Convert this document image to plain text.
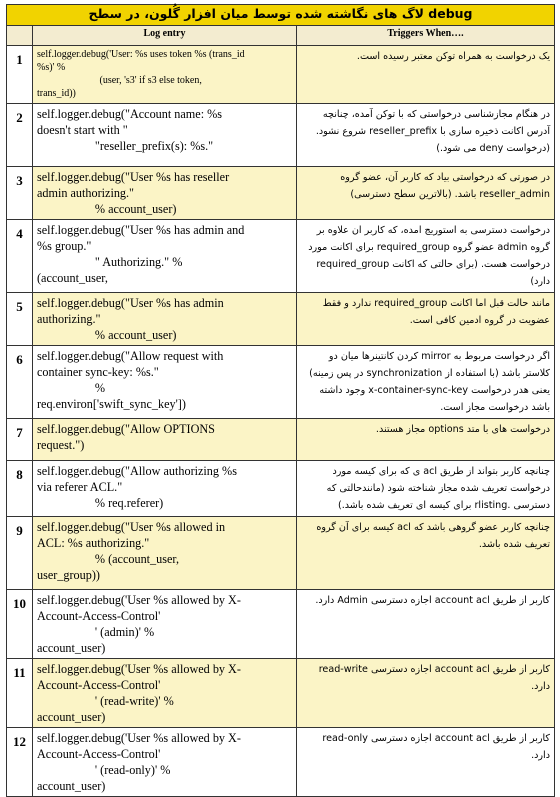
لاگ های نگاشته شده توسط میان افزار گُلون، در سطح debug		
	Log entry	Triggers When….
1	self.logger.debug('User: %s uses token %s (trans_id
%s)' %
(user, 's3' if s3 else token,
trans_id))	یک درخواست به همراه توکن معتبر رسیده است.
2	self.logger.debug("Account name: %s
doesn't start with "
"reseller_prefix(s): %s."	در هنگام مجازشناسی درخواستی که با توکن آمده، چنانچه آدرس اکانت ذخیره سازی با reseller_prefix شروع نشود. (درخواست deny می شود.)
3	self.logger.debug("User %s has reseller
admin authorizing."
% account_user)	در صورتی که درخواستی بیاد که کاربر آن، عضو گروه reseller_admin باشد. (بالاترین سطح دسترسی)
4	self.logger.debug("User %s has admin and
%s group."
" Authorizing." %
(account_user,	درخواست دسترسی به استوریج امده، که کاربر ان علاوه بر گروه admin عضو گروه required_group برای اکانت مورد درخواست هست. (برای حالتی که اکانت required_group دارد)
5	self.logger.debug("User %s has admin
authorizing."
% account_user)	مانند حالت قبل اما اکانت required_group ندارد و فقط عضویت در گروه ادمین کافی است.
6	self.logger.debug("Allow request with
container sync-key: %s."
%
req.environ['swift_sync_key'])	اگر درخواست مربوط به mirror کردن کانتینرها میان دو کلاستر باشد (با استفاده از synchronization در پس زمینه) یعنی هدر درخواست x-container-sync-key وجود داشته باشد درخواست مجاز است.
7	self.logger.debug("Allow OPTIONS
request.")	درخواست های با متد options مجاز هستند.
8	self.logger.debug("Allow authorizing %s
via referer ACL."
% req.referer)	چنانچه کاربر بتواند از طریق acl ی که برای کیسه مورد درخواست تعریف شده مجاز شناخته شود (مانندحالتی که دسترسی .rlisting برای کیسه ای تعریف شده باشد.)
9	self.logger.debug("User %s allowed in
ACL: %s authorizing."
% (account_user,
user_group))	چنانچه کاربر عضو گروهی باشد که acl کیسه برای آن گروه تعریف شده باشد.
10	self.logger.debug('User %s allowed by X-
Account-Access-Control'
' (admin)' %
account_user)	کاربر از طریق account acl اجازه دسترسی Admin دارد.
11	self.logger.debug('User %s allowed by X-
Account-Access-Control'
' (read-write)' %
account_user)	کاربر از طریق account acl اجازه دسترسی read-write دارد.
12	self.logger.debug('User %s allowed by X-
Account-Access-Control'
' (read-only)' %
account_user)	کاربر از طریق account acl اجازه دسترسی read-only دارد.
